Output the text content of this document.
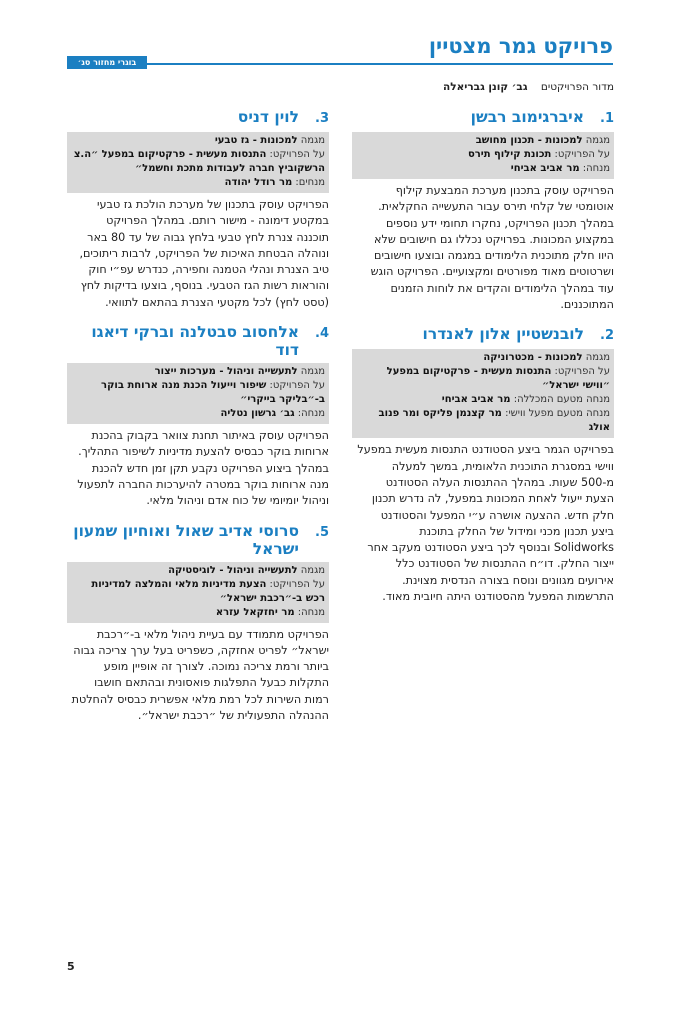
פרויקט גמר מצטיין
בוגרי מחזור סג׳
מדור הפרויקטים גב׳ קונן גבריאלה
.1
איברגימוב רבשן
מגמה למכונות - תכנון מחושב
על הפרויקט: תכונת קילוף תירס
מנחה: מר אביב אביחי
הפרויקט עוסק בתכנון מערכת המבצעת קילוף אוטומטי של קלחי תירס עבור התעשייה החקלאית. במהלך תכנון הפרויקט, נחקרו תחומי ידע נוספים במקצוע המכונות. בפרויקט נכללו גם חישובים שלא היוו חלק מתוכנית הלימודים במגמה ובוצעו חישובים ושרטוטים מאוד מפורטים ומקצועיים. הפרויקט הוגש עוד במהלך הלימודים והקדים את לוחות הזמנים המתוכננים.
.2
לובנשטיין אלון לאנדרו
מגמה למכונות - מכטרוניקה
על הפרויקט: התנסות מעשית - פרקטיקום במפעל ״ווישי ישראל״
מנחה מטעם המכללה: מר אביב אביחי
מנחה מטעם מפעל ווישי: מר קצנמן פליקס ומר פנוב אולג
בפרויקט הגמר ביצע הסטודנט התנסות מעשית במפעל ווישי במסגרת התוכנית הלאומית, במשך למעלה מ-500 שעות. במהלך ההתנסות העלה הסטודנט הצעת ייעול לאחת המכונות במפעל, לה נדרש תכנון חלק חדש. ההצעה אושרה ע״י המפעל והסטודנט ביצע תכנון מכני ומידול של החלק בתוכנת Solidworks ובנוסף לכך ביצע הסטודנט מעקב אחר ייצור החלק. דו״ח ההתנסות של הסטודנט כלל אירועים מגוונים ונוסח בצורה הנדסית מצוינת. התרשמות המפעל מהסטודנט היתה חיובית מאוד.
.3
לוין דניס
מגמה למכונות - גז טבעי
על הפרויקט: התנסות מעשית - פרקטיקום במפעל ״ה.צ הרשקוביץ חברה לעבודות מתכת וחשמל״
מנחים: מר רודל יהודה
הפרויקט עוסק בתכנון של מערכת הולכת גז טבעי במקטע דימונה - מישור רותם. במהלך הפרויקט תוכננה צנרת לחץ טבעי בלחץ גבוה של עד 80 באר ונוהלה הבטחת האיכות של הפרויקט, לרבות ריתוכים, טיב הצנרת ונהלי הטמנה וחפירה, כנדרש עפ״י חוק והוראות רשות הגז הטבעי. בנוסף, בוצעו בדיקות לחץ (טסט לחץ) לכל מקטעי הצנרת בהתאם לתוואי.
.4
אלחסוב סבטלנה וברקי דיאגו דוד
מגמה לתעשייה וניהול - מערכות ייצור
על הפרויקט: שיפור וייעול הכנת מנה ארוחת בוקר ב-״בליקר בייקרי״
מנחה: גב׳ גרשון נטליה
הפרויקט עוסק באיתור תחנת צוואר בקבוק בהכנת ארוחות בוקר כבסיס להצעת מדיניות לשיפור התהליך. במהלך ביצוע הפרויקט נקבע תקן זמן חדש להכנת מנה ארוחות בוקר במטרה להיערכות החברה לתפעול וניהול יומיומי של כוח אדם וניהול מלאי.
.5
סרוסי אדיב שאול ואוחיון שמעון ישראל
מגמה לתעשייה וניהול - לוגיסטיקה
על הפרויקט: הצעת מדיניות מלאי והמלצה למדיניות רכש ב-״רכבת ישראל״
מנחה: מר יחזקאל עזרא
הפרויקט מתמודד עם בעיית ניהול מלאי ב-״רכבת ישראל״ לפריט אחזקה, כשפריט בעל ערך צריכה גבוה ביותר ורמת צריכה נמוכה. לצורך זה אופיין מופע התקלות כבעל התפלגות פואסונית ובהתאם חושבו רמות השירות לכל רמת מלאי אפשרית כבסיס להחלטת ההנהלה התפעולית של ״רכבת ישראל״.
5
